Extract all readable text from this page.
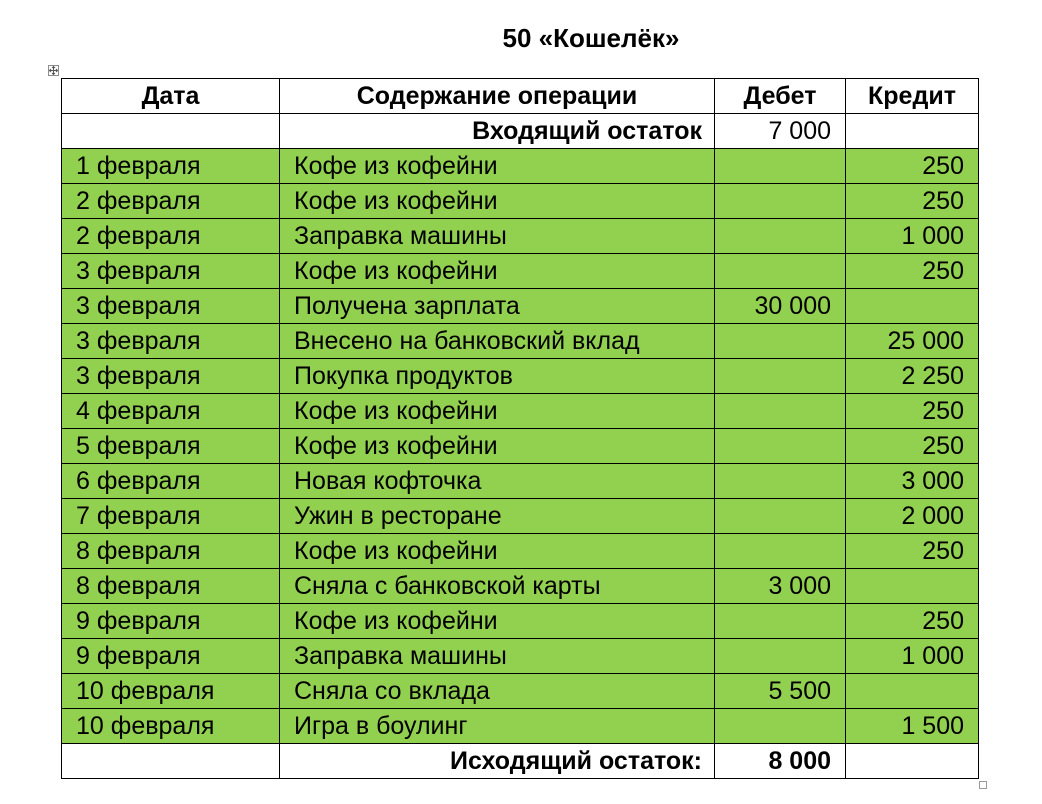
50 «Кошелёк»
Дата	Содержание операции	Дебет	Кредит
	Входящий остаток	7 000	
1 февраля	Кофе из кофейни		250
2 февраля	Кофе из кофейни		250
2 февраля	Заправка машины		1 000
3 февраля	Кофе из кофейни		250
3 февраля	Получена зарплата	30 000	
3 февраля	Внесено на банковский вклад		25 000
3 февраля	Покупка продуктов		2 250
4 февраля	Кофе из кофейни		250
5 февраля	Кофе из кофейни		250
6 февраля	Новая кофточка		3 000
7 февраля	Ужин в ресторане		2 000
8 февраля	Кофе из кофейни		250
8 февраля	Сняла с банковской карты	3 000	
9 февраля	Кофе из кофейни		250
9 февраля	Заправка машины		1 000
10 февраля	Сняла со вклада	5 500	
10 февраля	Игра в боулинг		1 500
	Исходящий остаток:	8 000	
